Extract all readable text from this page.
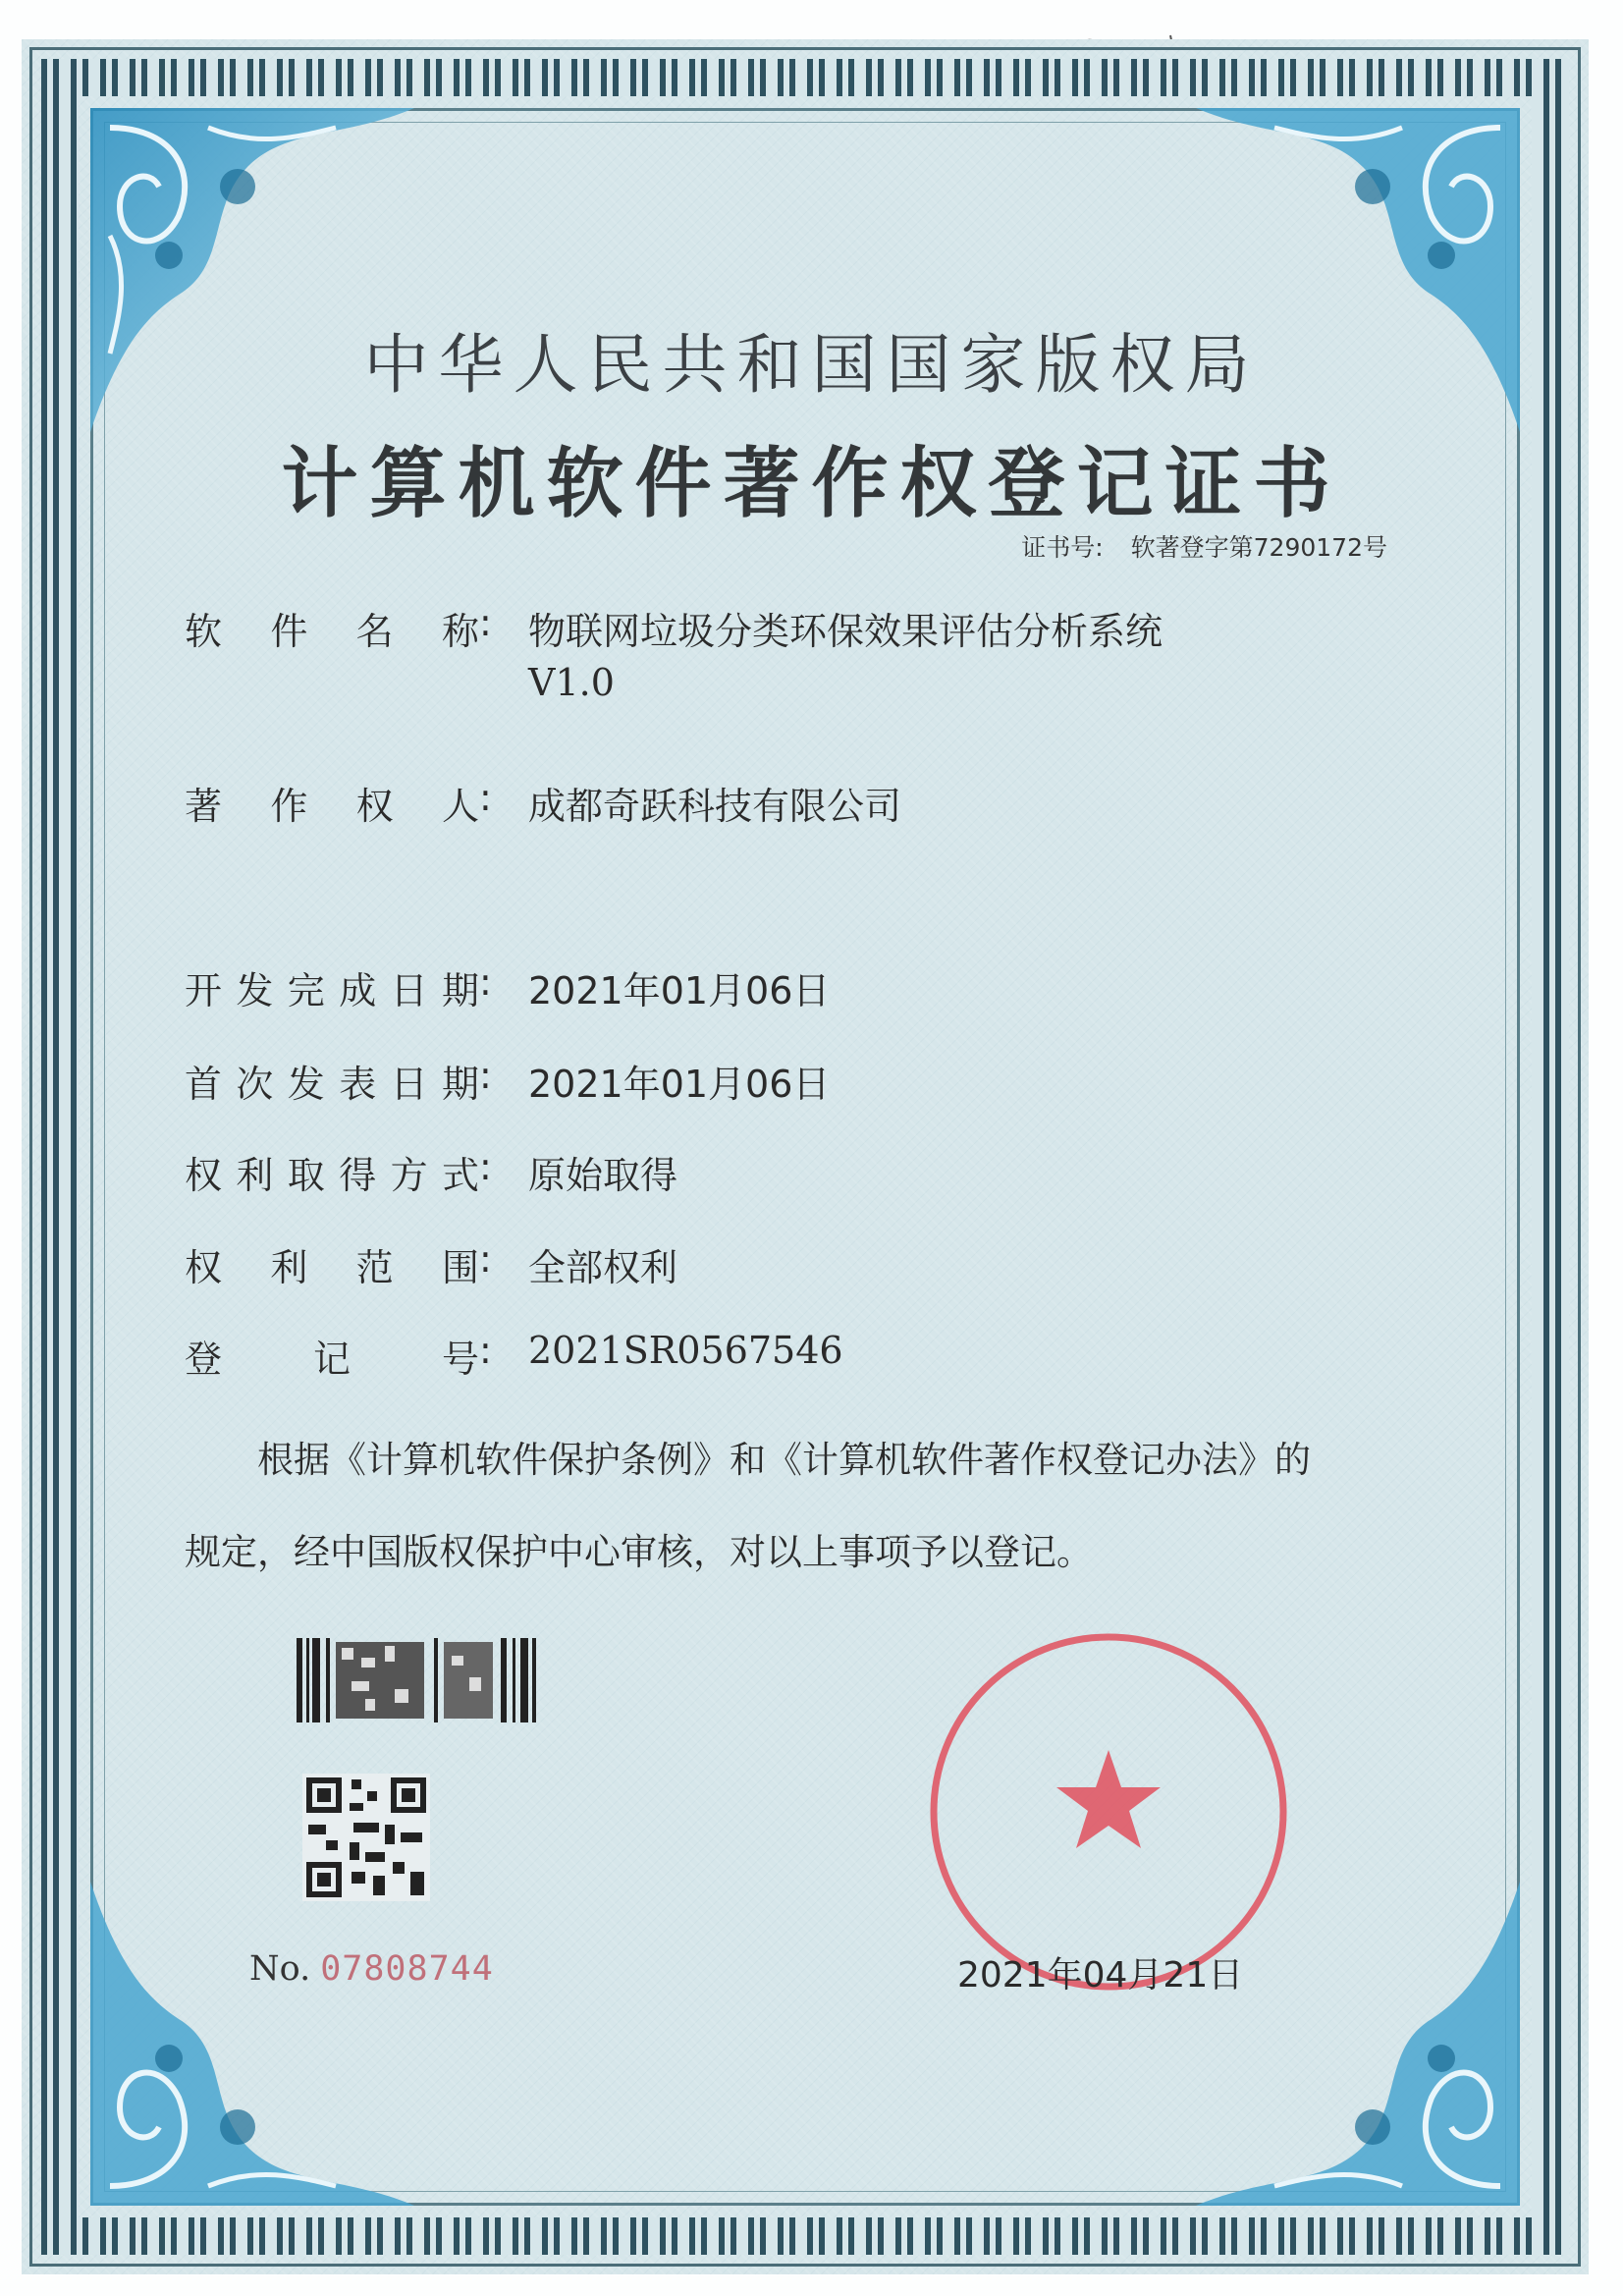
中华人民共和国国家版权局
计算机软件著作权登记证书
证书号: 软著登字第7290172号
软件名称: 物联网垃圾分类环保效果评估分析系统
V1.0
著作权人: 成都奇跃科技有限公司
开发完成日期: 2021年01月06日
首次发表日期: 2021年01月06日
权利取得方式: 原始取得
权利范围: 全部权利
登记号: 2021SR0567546
根据《计算机软件保护条例》和《计算机软件著作权登记办法》的
规定，经中国版权保护中心审核，对以上事项予以登记。
No. 07808744	2021年04月21日
